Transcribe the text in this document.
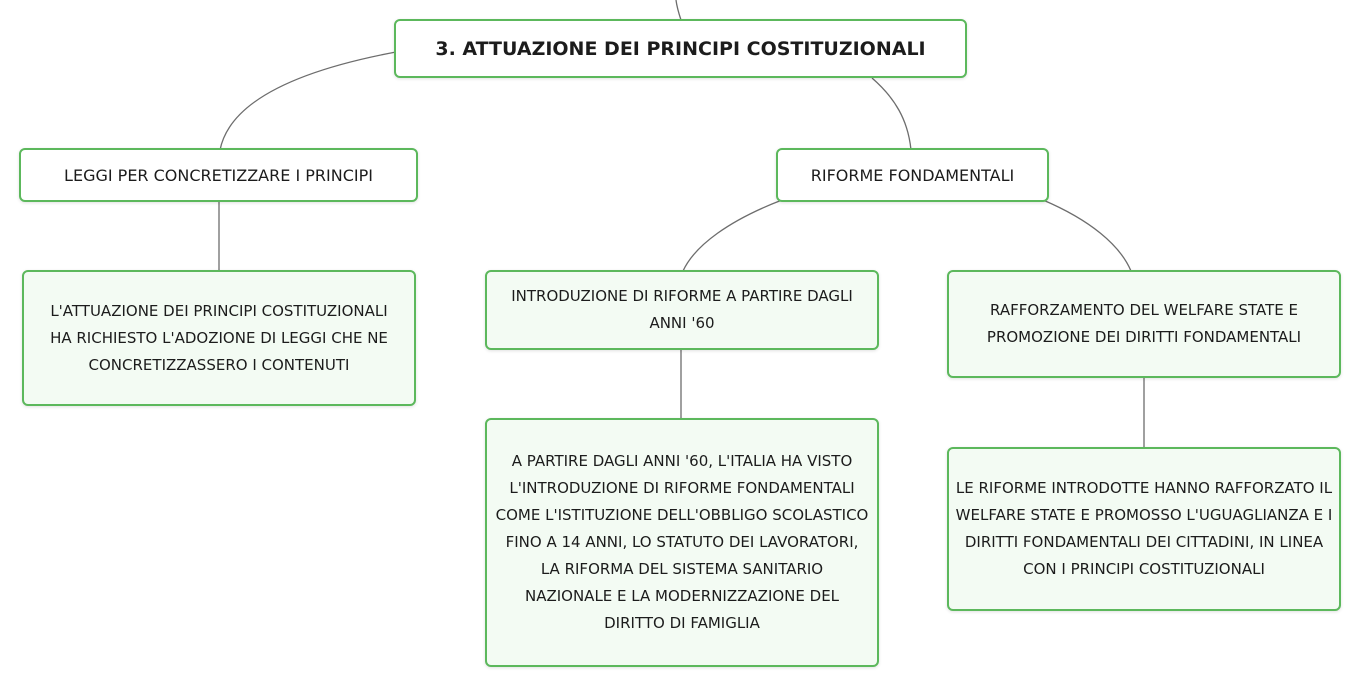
3. ATTUAZIONE DEI PRINCIPI COSTITUZIONALI
LEGGI PER CONCRETIZZARE I PRINCIPI	RIFORME FONDAMENTALI
L'ATTUAZIONE DEI PRINCIPI COSTITUZIONALI HA RICHIESTO L'ADOZIONE DI LEGGI CHE NE CONCRETIZZASSERO I CONTENUTI
INTRODUZIONE DI RIFORME A PARTIRE DAGLI ANNI '60
RAFFORZAMENTO DEL WELFARE STATE E PROMOZIONE DEI DIRITTI FONDAMENTALI
A PARTIRE DAGLI ANNI '60, L'ITALIA HA VISTO L'INTRODUZIONE DI RIFORME FONDAMENTALI COME L'ISTITUZIONE DELL'OBBLIGO SCOLASTICO FINO A 14 ANNI, LO STATUTO DEI LAVORATORI, LA RIFORMA DEL SISTEMA SANITARIO NAZIONALE E LA MODERNIZZAZIONE DEL DIRITTO DI FAMIGLIA
LE RIFORME INTRODOTTE HANNO RAFFORZATO IL WELFARE STATE E PROMOSSO L'UGUAGLIANZA E I DIRITTI FONDAMENTALI DEI CITTADINI, IN LINEA CON I PRINCIPI COSTITUZIONALI
